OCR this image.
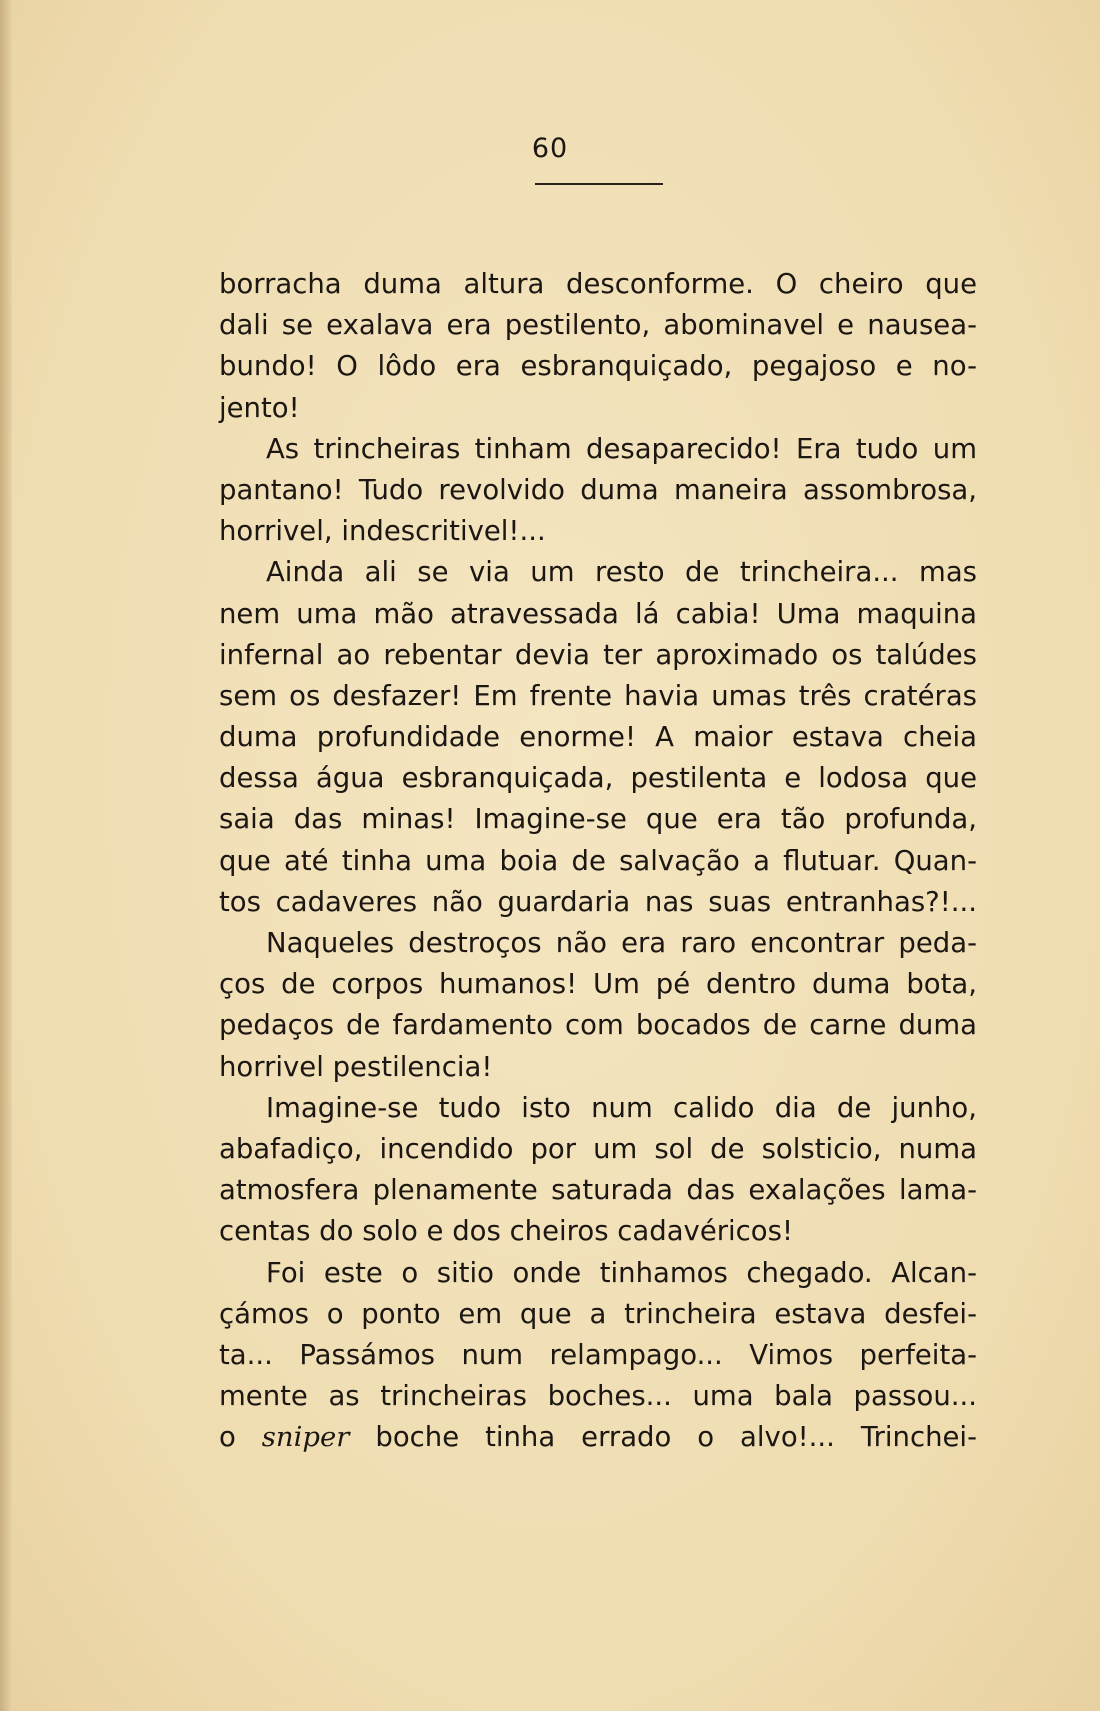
60
borracha duma altura desconforme. O cheiro que
dali se exalava era pestilento, abominavel e nausea-
bundo! O lôdo era esbranquiçado, pegajoso e no-
jento!
As trincheiras tinham desaparecido! Era tudo um
pantano! Tudo revolvido duma maneira assombrosa,
horrivel, indescritivel!...
Ainda ali se via um resto de trincheira... mas
nem uma mão atravessada lá cabia! Uma maquina
infernal ao rebentar devia ter aproximado os talúdes
sem os desfazer! Em frente havia umas três cratéras
duma profundidade enorme! A maior estava cheia
dessa água esbranquiçada, pestilenta e lodosa que
saia das minas! Imagine-se que era tão profunda,
que até tinha uma boia de salvação a flutuar. Quan-
tos cadaveres não guardaria nas suas entranhas?!...
Naqueles destroços não era raro encontrar peda-
ços de corpos humanos! Um pé dentro duma bota,
pedaços de fardamento com bocados de carne duma
horrivel pestilencia!
Imagine-se tudo isto num calido dia de junho,
abafadiço, incendido por um sol de solsticio, numa
atmosfera plenamente saturada das exalações lama-
centas do solo e dos cheiros cadavéricos!
Foi este o sitio onde tinhamos chegado. Alcan-
çámos o ponto em que a trincheira estava desfei-
ta... Passámos num relampago... Vimos perfeita-
mente as trincheiras boches... uma bala passou...
o sniper boche tinha errado o alvo!... Trinchei-
